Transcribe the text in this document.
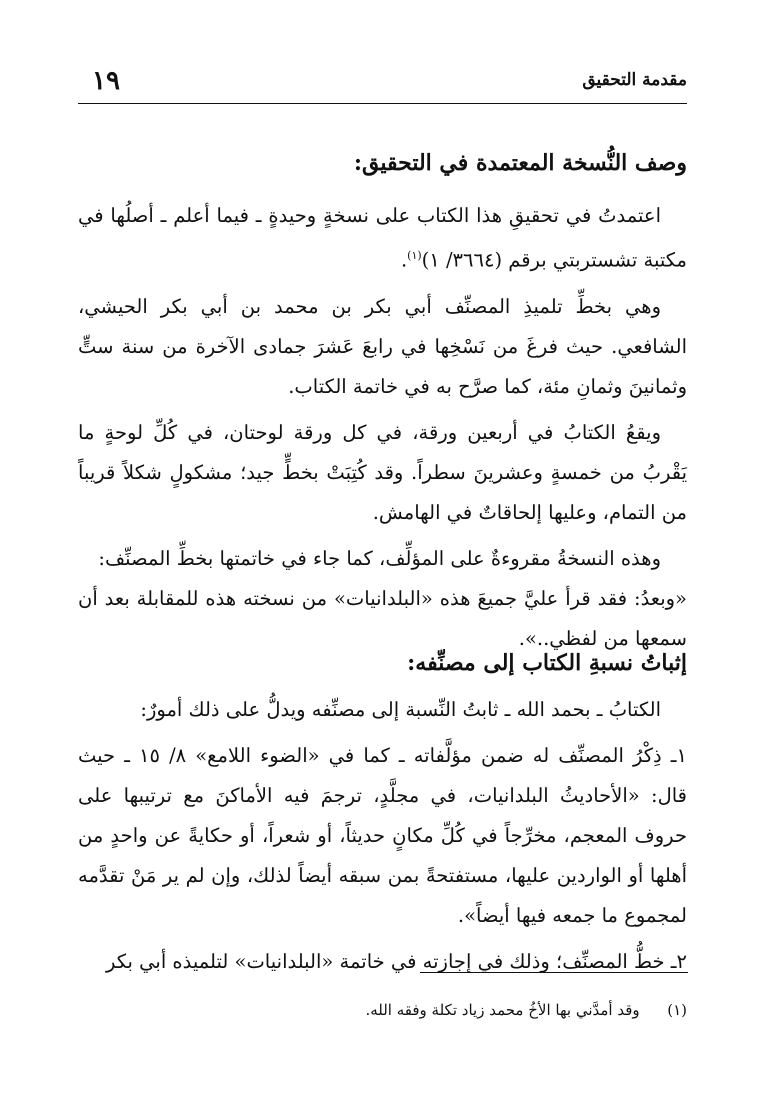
مقدمة التحقيق
١٩
وصف النُّسخة المعتمدة في التحقيق:

اعتمدتُ في تحقيقِ هذا الكتاب على نسخةٍ وحيدةٍ ـ فيما أعلم ـ أصلُها في مكتبة تشستربتي برقم (٣٦٦٤/ ١)$^{(١)}$.

وهي بخطِّ تلميذِ المصنِّف أبي بكر بن محمد بن أبي بكر الحيشي، الشافعي. حيث فرغَ من نَسْخِها في رابعَ عَشرَ جمادى الآخرة من سنة ستٍّ وثمانينَ وثمانِ مئة، كما صرَّح به في خاتمة الكتاب.

ويقعُ الكتابُ في أربعين ورقة، في كل ورقة لوحتان، في كُلِّ لوحةٍ ما يَقْربُ من خمسةٍ وعشرينَ سطراً. وقد كُتِبَتْ بخطٍّ جيد؛ مشكولٍ شكلاً قريباً من التمام، وعليها إلحاقاتٌ في الهامش.

وهذه النسخةُ مقروءةٌ على المؤلِّف، كما جاء في خاتمتها بخطِّ المصنِّف:

«وبعدُ: فقد قرأ عليَّ جميعَ هذه «البلدانيات» من نسخته هذه للمقابلة بعد أن سمعها من لفظي..».

إثباتُ نسبةِ الكتاب إلى مصنِّفه:

الكتابُ ـ بحمد الله ـ ثابتُ النِّسبة إلى مصنِّفه ويدلُّ على ذلك أمورٌ:

١ـ ذِكْرُ المصنِّف له ضمن مؤلَّفاته ـ كما في «الضوء اللامع» ٨/ ١٥ ـ حيث قال: «الأحاديثُ البلدانيات، في مجلَّدٍ، ترجمَ فيه الأماكنَ مع ترتيبها على حروف المعجم، مخرِّجاً في كُلِّ مكانٍ حديثاً، أو شعراً، أو حكايةً عن واحدٍ من أهلها أو الواردين عليها، مستفتحةً بمن سبقه أيضاً لذلك، وإن لم ير مَنْ تقدَّمه لمجموع ما جمعه فيها أيضاً».

٢ـ خطُّ المصنِّف؛ وذلك في إجازته في خاتمة «البلدانيات» لتلميذه أبي بكر

(١)  وقد أمدَّني بها الأخُ محمد زياد تكلة وفقه الله.
